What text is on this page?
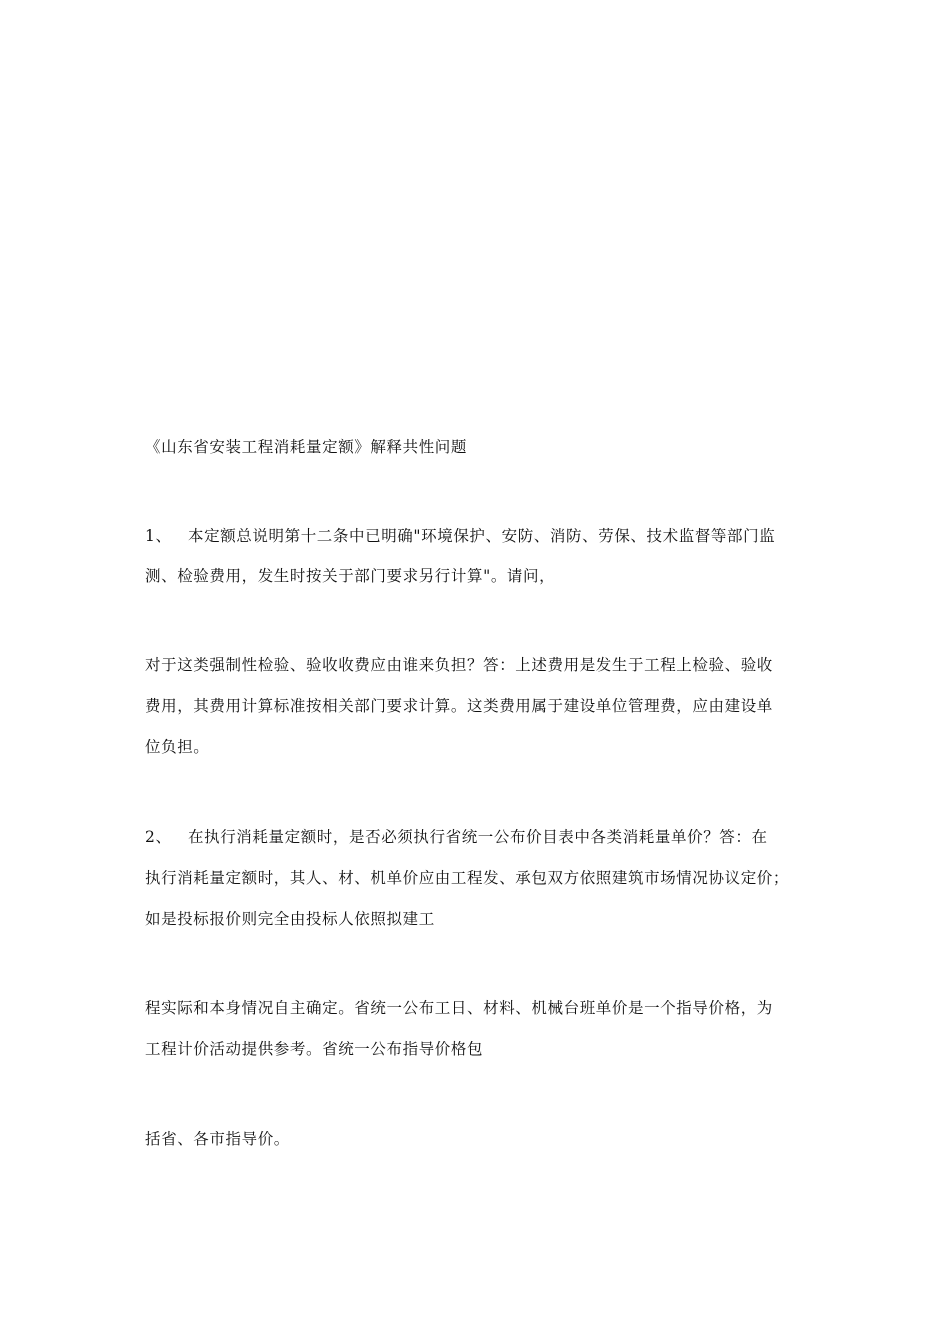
《山东省安装工程消耗量定额》解释共性问题
1、 本定额总说明第十二条中已明确"环境保护、安防、消防、劳保、技术监督等部门监
测、检验费用，发生时按关于部门要求另行计算"。请问，
对于这类强制性检验、验收收费应由谁来负担？答：上述费用是发生于工程上检验、验收
费用，其费用计算标准按相关部门要求计算。这类费用属于建设单位管理费，应由建设单
位负担。
2、 在执行消耗量定额时，是否必须执行省统一公布价目表中各类消耗量单价？答：在
执行消耗量定额时，其人、材、机单价应由工程发、承包双方依照建筑市场情况协议定价；
如是投标报价则完全由投标人依照拟建工
程实际和本身情况自主确定。省统一公布工日、材料、机械台班单价是一个指导价格，为
工程计价活动提供参考。省统一公布指导价格包
括省、各市指导价。
